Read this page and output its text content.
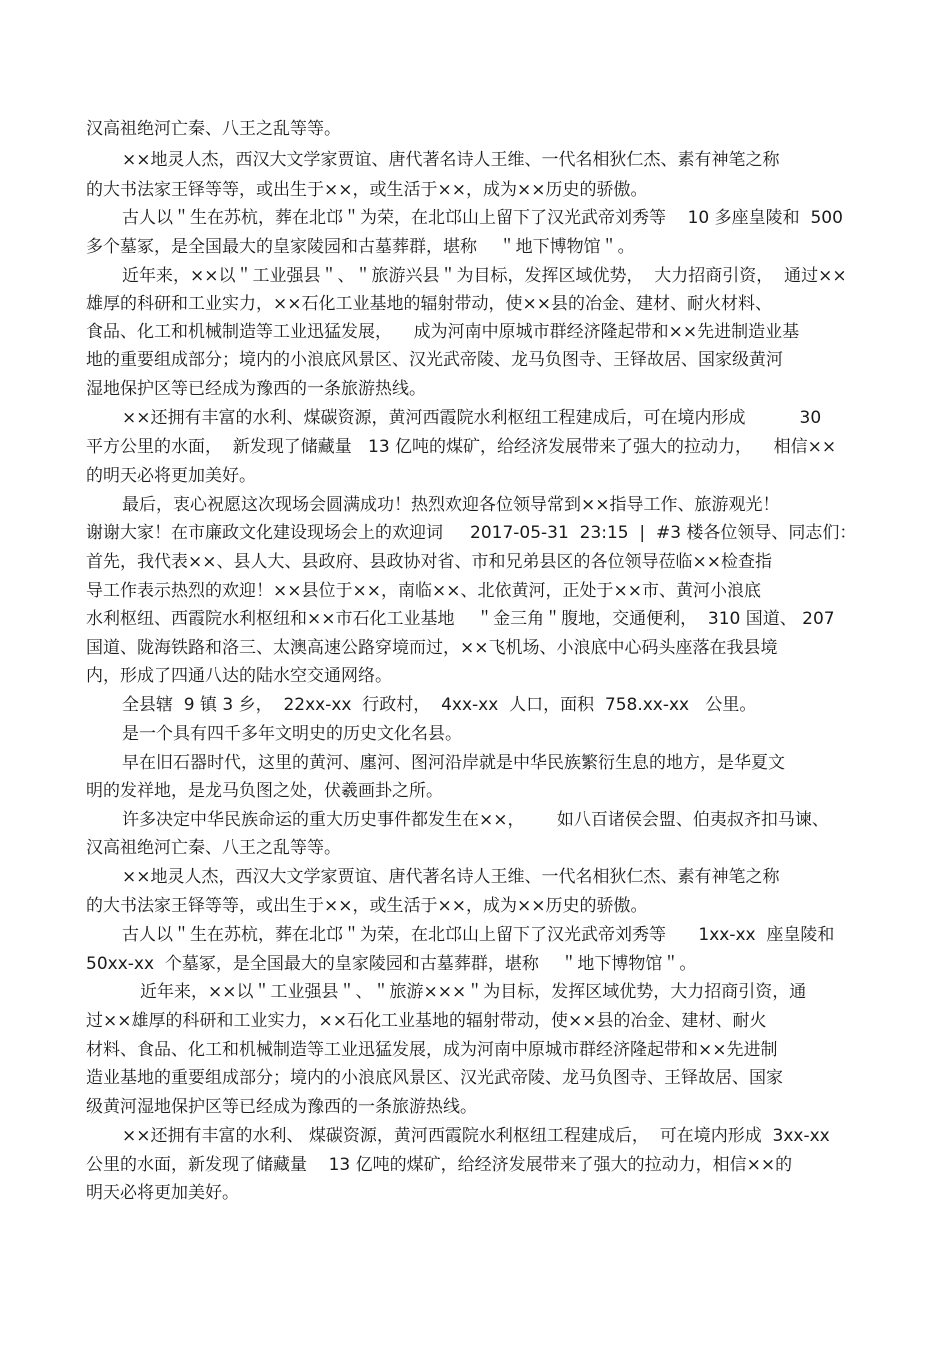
汉高祖绝河亡秦、八王之乱等等。
××地灵人杰，西汉大文学家贾谊、唐代著名诗人王维、一代名相狄仁杰、素有神笔之称
的大书法家王铎等等，或出生于××，或生活于××，成为××历史的骄傲。
古人以＂生在苏杭，葬在北邙＂为荣，在北邙山上留下了汉光武帝刘秀等    10 多座皇陵和  500
多个墓冢，是全国最大的皇家陵园和古墓葬群，堪称    ＂地下博物馆＂。
近年来，××以＂工业强县＂、＂旅游兴县＂为目标，发挥区域优势，  大力招商引资，  通过××
雄厚的科研和工业实力，××石化工业基地的辐射带动，使××县的冶金、建材、耐火材料、
食品、化工和机械制造等工业迅猛发展，    成为河南中原城市群经济隆起带和××先进制造业基
地的重要组成部分；境内的小浪底风景区、汉光武帝陵、龙马负图寺、王铎故居、国家级黄河
湿地保护区等已经成为豫西的一条旅游热线。
××还拥有丰富的水利、煤碳资源，黄河西霞院水利枢纽工程建成后，可在境内形成          30
平方公里的水面，  新发现了储藏量   13 亿吨的煤矿，给经济发展带来了强大的拉动力，    相信××
的明天必将更加美好。
最后，衷心祝愿这次现场会圆满成功！热烈欢迎各位领导常到××指导工作、旅游观光！
谢谢大家！在市廉政文化建设现场会上的欢迎词     2017-05-31  23:15  |  #3 楼各位领导、同志们：
首先，我代表××、县人大、县政府、县政协对省、市和兄弟县区的各位领导莅临××检查指
导工作表示热烈的欢迎！××县位于××，南临××、北依黄河，正处于××市、黄河小浪底
水利枢纽、西霞院水利枢纽和××市石化工业基地    ＂金三角＂腹地，交通便利，  310 国道、 207
国道、陇海铁路和洛三、太澳高速公路穿境而过，××飞机场、小浪底中心码头座落在我县境
内，形成了四通八达的陆水空交通网络。
全县辖  9 镇 3 乡，  22xx-xx  行政村，  4xx-xx  人口，面积  758.xx-xx   公里。
是一个具有四千多年文明史的历史文化名县。
早在旧石器时代，这里的黄河、廛河、图河沿岸就是中华民族繁衍生息的地方，是华夏文
明的发祥地，是龙马负图之处，伏羲画卦之所。
许多决定中华民族命运的重大历史事件都发生在××，      如八百诸侯会盟、伯夷叔齐扣马谏、
汉高祖绝河亡秦、八王之乱等等。
××地灵人杰，西汉大文学家贾谊、唐代著名诗人王维、一代名相狄仁杰、素有神笔之称
的大书法家王铎等等，或出生于××，或生活于××，成为××历史的骄傲。
古人以＂生在苏杭，葬在北邙＂为荣，在北邙山上留下了汉光武帝刘秀等      1xx-xx  座皇陵和
50xx-xx  个墓冢，是全国最大的皇家陵园和古墓葬群，堪称    ＂地下博物馆＂。
近年来，××以＂工业强县＂、＂旅游×××＂为目标，发挥区域优势，大力招商引资，通
过××雄厚的科研和工业实力，××石化工业基地的辐射带动，使××县的冶金、建材、耐火
材料、食品、化工和机械制造等工业迅猛发展，成为河南中原城市群经济隆起带和××先进制
造业基地的重要组成部分；境内的小浪底风景区、汉光武帝陵、龙马负图寺、王铎故居、国家
级黄河湿地保护区等已经成为豫西的一条旅游热线。
××还拥有丰富的水利、 煤碳资源，黄河西霞院水利枢纽工程建成后，  可在境内形成  3xx-xx
公里的水面，新发现了储藏量    13 亿吨的煤矿，给经济发展带来了强大的拉动力，相信××的
明天必将更加美好。
